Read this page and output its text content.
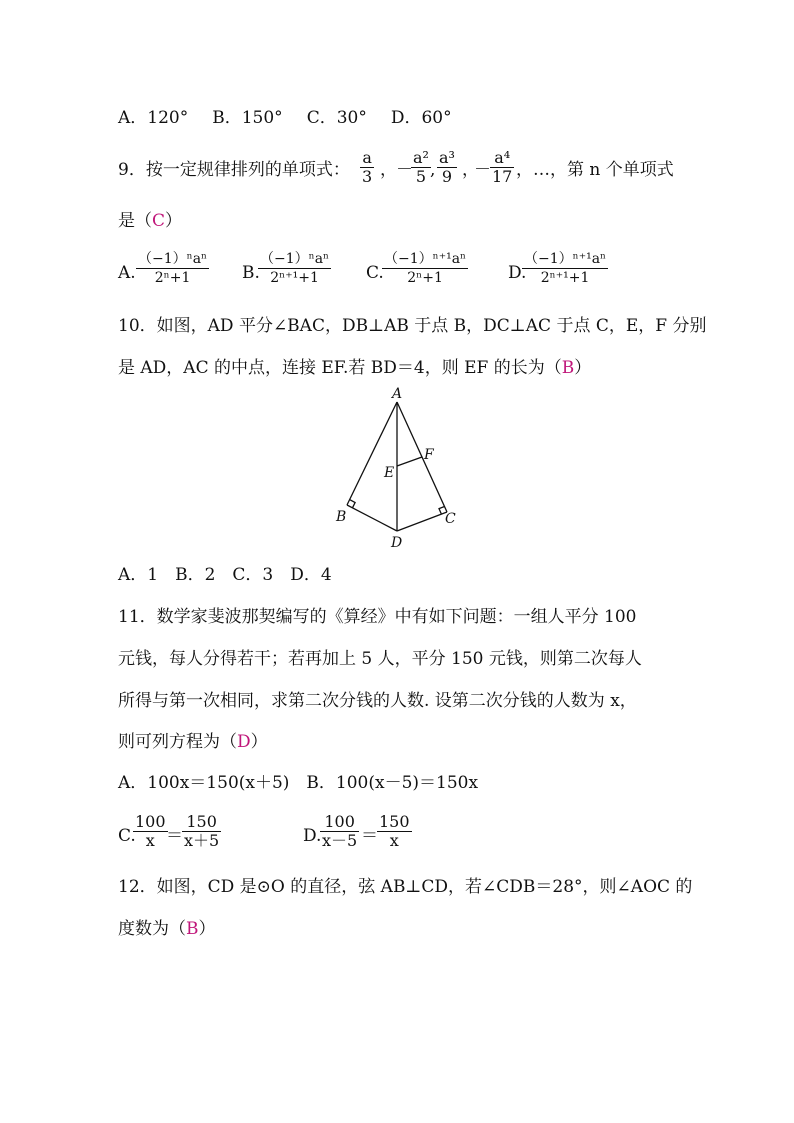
A．120° B．150° C．30° D．60°
9．按一定规律排列的单项式： $\frac{a}{3}$ ， －
$\frac{\text{a²}}{5}$ , $\frac{\text{a³}}{9}$ ，
－ $\frac{\text{a⁴}}{17}$ ，…，第 n 个单项式
是（C）
A.
（−1）ⁿaⁿ
2ⁿ+1	B.
（−1）ⁿaⁿ
2ⁿ⁺¹+1	C.
$\frac{\text{（−1）ⁿ⁺¹aⁿ}}{\text{2ⁿ+1}} D$.
$\frac{\text{（−1）ⁿ⁺¹aⁿ}}{\text{2ⁿ⁺¹+1}}$
10．如图，AD 平分∠BAC，DB⊥AB 于点 B，DC⊥AC 于点 C，E，F 分别
是 AD，AC 的中点，连接 EF.若 BD＝4，则 EF 的长为（B）
A
B	C
D
E
F
A．1　B．2　C．3　D．4
11．数学家斐波那契编写的《算经》中有如下问题：一组人平分 100
元钱，每人分得若干；若再加上 5 人，平分 150 元钱，则第二次每人
所得与第一次相同，求第二次分钱的人数. 设第二次分钱的人数为 x，
则可列方程为（D）
A．100x＝150(x＋5)　B．100(x－5)＝150x
C.
$\frac{100}{x}$
＝ $\frac{150}{x+5}$	D.
$\frac{100}{x-5} = \frac{150}{x}$
12．如图，CD 是⊙O 的直径，弦 AB⊥CD，若∠CDB＝28°，则∠AOC 的
度数为（B）
